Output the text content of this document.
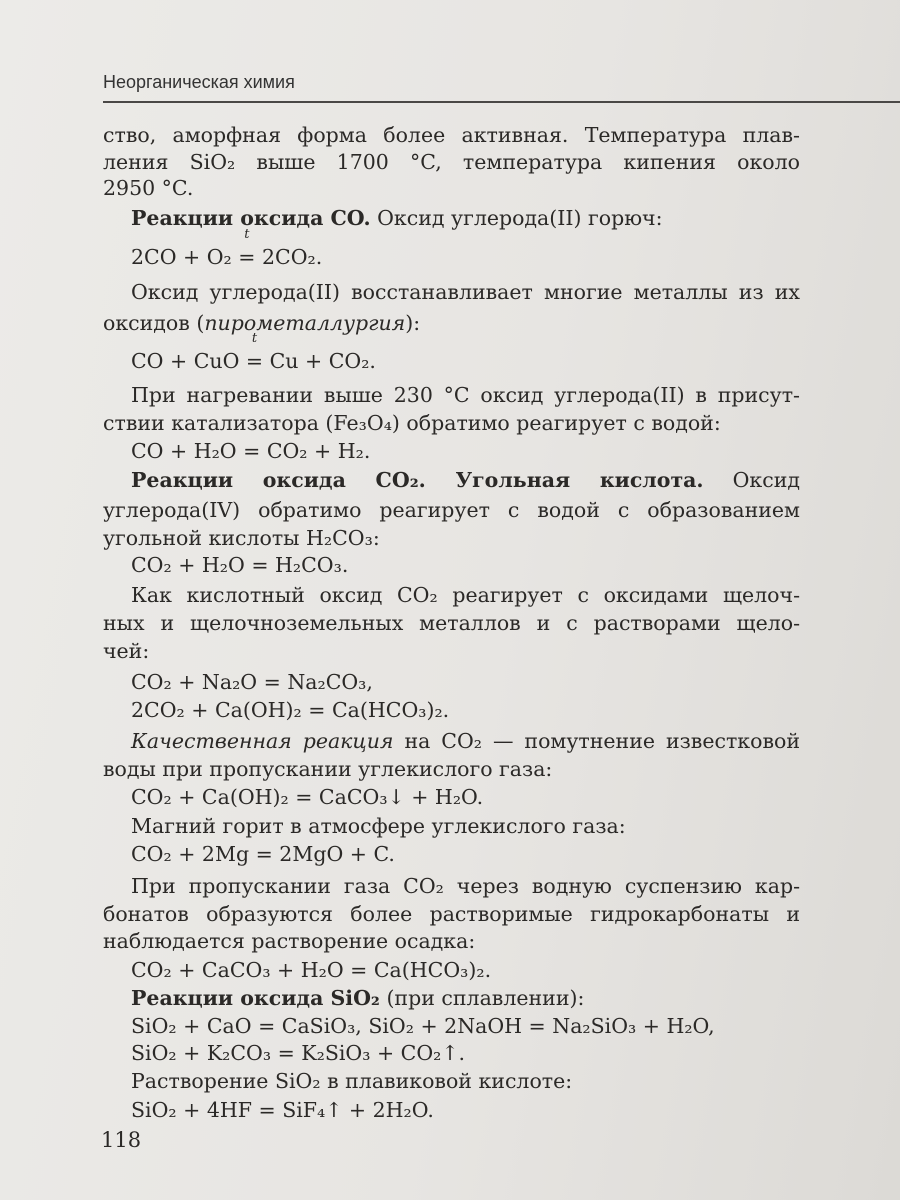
Неорганическая химия
ство, аморфная форма более активная. Температура плав-
ления SiO₂ выше 1700 °C, температура кипения около
2950 °C.
Реакции оксида CO. Оксид углерода(II) горюч:
2CO + O₂ =
t
2CO₂.
Оксид углерода(II) восстанавливает многие металлы из их
оксидов (пирометаллургия):
CO + CuO =
t
Cu + CO₂.
При нагревании выше 230 °C оксид углерода(II) в присут-
ствии катализатора (Fe₃O₄) обратимо реагирует с водой:
CO + H₂O = CO₂ + H₂.
Реакции оксида CO₂. Угольная кислота. Оксид
углерода(IV) обратимо реагирует с водой с образованием
угольной кислоты H₂CO₃:
CO₂ + H₂O = H₂CO₃.
Как кислотный оксид CO₂ реагирует с оксидами щелоч-
ных и щелочноземельных металлов и с растворами щело-
чей:
CO₂ + Na₂O = Na₂CO₃,
2CO₂ + Ca(OH)₂ = Ca(HCO₃)₂.
Качественная реакция на CO₂ — помутнение известковой
воды при пропускании углекислого газа:
CO₂ + Ca(OH)₂ = CaCO₃↓ + H₂O.
Магний горит в атмосфере углекислого газа:
CO₂ + 2Mg = 2MgO + C.
При пропускании газа CO₂ через водную суспензию кар-
бонатов образуются более растворимые гидрокарбонаты и
наблюдается растворение осадка:
CO₂ + CaCO₃ + H₂O = Ca(HCO₃)₂.
Реакции оксида SiO₂ (при сплавлении):
SiO₂ + CaO = CaSiO₃, SiO₂ + 2NaOH = Na₂SiO₃ + H₂O,
SiO₂ + K₂CO₃ = K₂SiO₃ + CO₂↑.
Растворение SiO₂ в плавиковой кислоте:
SiO₂ + 4HF = SiF₄↑ + 2H₂O.
118
